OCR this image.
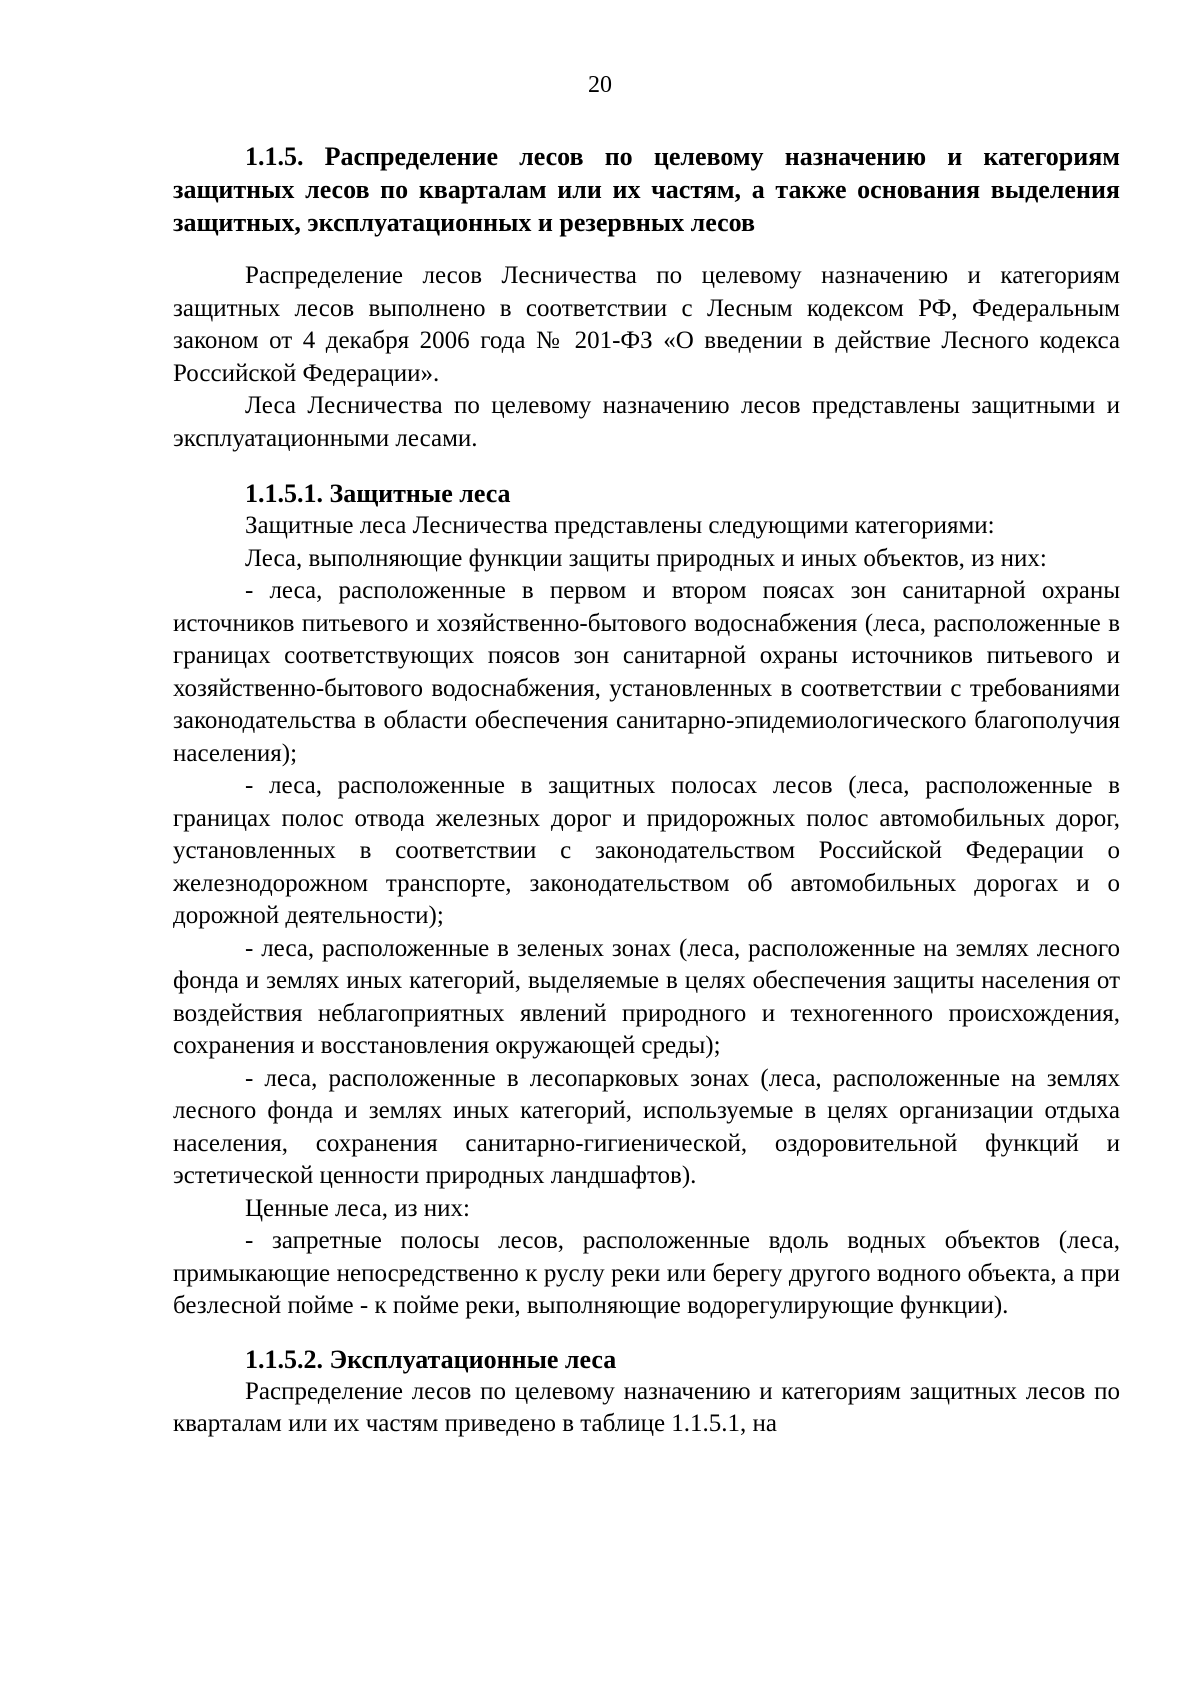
20

1.1.5. Распределение лесов по целевому назначению и категориям защитных лесов по кварталам или их частям, а также основания выделения защитных, эксплуатационных и резервных лесов

Распределение лесов Лесничества по целевому назначению и категориям защитных лесов выполнено в соответствии с Лесным кодексом РФ, Федеральным законом от 4 декабря 2006 года № 201-ФЗ «О введении в действие Лесного кодекса Российской Федерации».

Леса Лесничества по целевому назначению лесов представлены защитными и эксплуатационными лесами.

1.1.5.1. Защитные леса

Защитные леса Лесничества представлены следующими категориями:

Леса, выполняющие функции защиты природных и иных объектов, из них:

- леса, расположенные в первом и втором поясах зон санитарной охраны источников питьевого и хозяйственно-бытового водоснабжения (леса, расположенные в границах соответствующих поясов зон санитарной охраны источников питьевого и хозяйственно-бытового водоснабжения, установленных в соответствии с требованиями законодательства в области обеспечения санитарно-эпидемиологического благополучия населения);

- леса, расположенные в защитных полосах лесов (леса, расположенные в границах полос отвода железных дорог и придорожных полос автомобильных дорог, установленных в соответствии с законодательством Российской Федерации о железнодорожном транспорте, законодательством об автомобильных дорогах и о дорожной деятельности);

- леса, расположенные в зеленых зонах (леса, расположенные на землях лесного фонда и землях иных категорий, выделяемые в целях обеспечения защиты населения от воздействия неблагоприятных явлений природного и техногенного происхождения, сохранения и восстановления окружающей среды);

- леса, расположенные в лесопарковых зонах (леса, расположенные на землях лесного фонда и землях иных категорий, используемые в целях организации отдыха населения, сохранения санитарно-гигиенической, оздоровительной функций и эстетической ценности природных ландшафтов).

Ценные леса, из них:

- запретные полосы лесов, расположенные вдоль водных объектов (леса, примыкающие непосредственно к руслу реки или берегу другого водного объекта, а при безлесной пойме - к пойме реки, выполняющие водорегулирующие функции).

1.1.5.2. Эксплуатационные леса

Распределение лесов по целевому назначению и категориям защитных лесов по кварталам или их частям приведено в таблице 1.1.5.1, на
